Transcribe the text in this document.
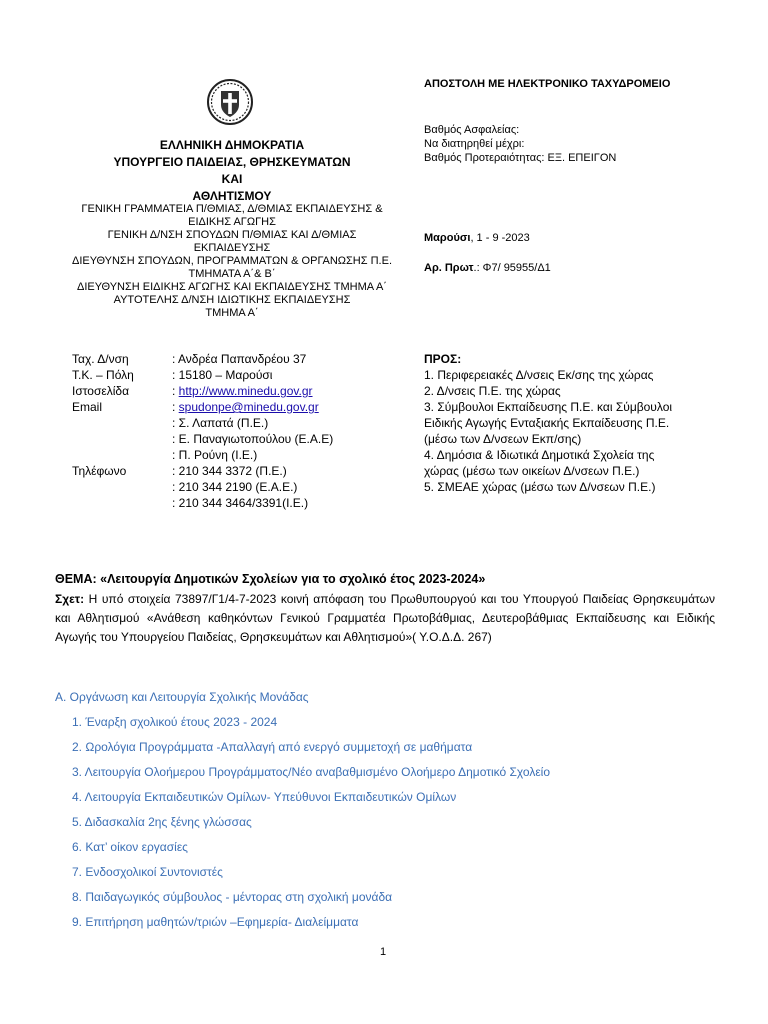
ΕΛΛΗΝΙΚΗ ΔΗΜΟΚΡΑΤΙΑ
ΥΠΟΥΡΓΕΙΟ ΠΑΙΔΕΙΑΣ, ΘΡΗΣΚΕΥΜΑΤΩΝ ΚΑΙ
ΑΘΛΗΤΙΣΜΟΥ
ΓΕΝΙΚΗ ΓΡΑΜΜΑΤΕΙΑ Π/ΘΜΙΑΣ, Δ/ΘΜΙΑΣ ΕΚΠΑΙΔΕΥΣΗΣ &
ΕΙΔΙΚΗΣ ΑΓΩΓΗΣ
ΓΕΝΙΚΗ Δ/ΝΣΗ ΣΠΟΥΔΩΝ Π/ΘΜΙΑΣ ΚΑΙ Δ/ΘΜΙΑΣ
ΕΚΠΑΙΔΕΥΣΗΣ
ΔΙΕΥΘΥΝΣΗ ΣΠΟΥΔΩΝ, ΠΡΟΓΡΑΜΜΑΤΩΝ & ΟΡΓΑΝΩΣΗΣ Π.Ε.
ΤΜΗΜΑΤΑ Α΄& Β΄
ΔΙΕΥΘΥΝΣΗ ΕΙΔΙΚΗΣ ΑΓΩΓΗΣ ΚΑΙ ΕΚΠΑΙΔΕΥΣΗΣ ΤΜΗΜΑ Α΄
ΑΥΤΟΤΕΛΗΣ Δ/ΝΣΗ ΙΔΙΩΤΙΚΗΣ ΕΚΠΑΙΔΕΥΣΗΣ
ΤΜΗΜΑ Α΄
ΑΠΟΣΤΟΛΗ ΜΕ ΗΛΕΚΤΡΟΝΙΚΟ ΤΑΧΥΔΡΟΜΕΙΟ
Βαθμός Ασφαλείας:
Να διατηρηθεί μέχρι:
Βαθμός Προτεραιότητας: ΕΞ. ΕΠΕΙΓΟΝ
Μαρούσι, 1 - 9 -2023
Αρ. Πρωτ.: Φ7/ 95955/Δ1
Ταχ. Δ/νση	: Ανδρέα Παπανδρέου 37
Τ.Κ. – Πόλη	: 15180 – Μαρούσι
Ιστοσελίδα	: http://www.minedu.gov.gr
Email	: spudonpe@minedu.gov.gr
: Σ. Λαπατά (Π.Ε.)
: Ε. Παναγιωτοπούλου (Ε.Α.Ε)
: Π. Ρούνη (Ι.Ε.)
Τηλέφωνο	: 210 344 3372 (Π.Ε.)
: 210 344 2190 (Ε.Α.Ε.)
: 210 344 3464/3391(Ι.Ε.)
ΠΡΟΣ:
1. Περιφερειακές Δ/νσεις Εκ/σης της χώρας
2. Δ/νσεις Π.Ε. της χώρας
3. Σύμβουλοι Εκπαίδευσης Π.Ε. και Σύμβουλοι
Ειδικής Αγωγής Ενταξιακής Εκπαίδευσης Π.Ε.
(μέσω των Δ/νσεων Εκπ/σης)
4. Δημόσια & Ιδιωτικά Δημοτικά Σχολεία της
χώρας (μέσω των οικείων Δ/νσεων Π.Ε.)
5. ΣΜΕΑΕ χώρας (μέσω των Δ/νσεων Π.Ε.)
ΘΕΜΑ: «Λειτουργία Δημοτικών Σχολείων για το σχολικό έτος 2023-2024»
Σχετ: Η υπό στοιχεία 73897/Γ1/4-7-2023 κοινή απόφαση του Πρωθυπουργού και του Υπουργού Παιδείας Θρησκευμάτων και Αθλητισμού «Ανάθεση καθηκόντων Γενικού Γραμματέα Πρωτοβάθμιας, Δευτεροβάθμιας Εκπαίδευσης και Ειδικής Αγωγής του Υπουργείου Παιδείας, Θρησκευμάτων και Αθλητισμού»( Υ.Ο.Δ.Δ. 267)
Α. Οργάνωση και Λειτουργία Σχολικής Μονάδας
1. Έναρξη σχολικού έτους 2023 - 2024
2. Ωρολόγια Προγράμματα -Απαλλαγή από ενεργό συμμετοχή σε μαθήματα
3. Λειτουργία Ολοήμερου Προγράμματος/Νέο αναβαθμισμένο Ολοήμερο Δημοτικό Σχολείο
4. Λειτουργία Εκπαιδευτικών Ομίλων- Υπεύθυνοι Εκπαιδευτικών Ομίλων
5. Διδασκαλία 2ης ξένης γλώσσας
6. Κατ’ οίκον εργασίες
7. Ενδοσχολικοί Συντονιστές
8. Παιδαγωγικός σύμβουλος - μέντορας στη σχολική μονάδα
9. Επιτήρηση μαθητών/τριών –Εφημερία- Διαλείμματα
1
